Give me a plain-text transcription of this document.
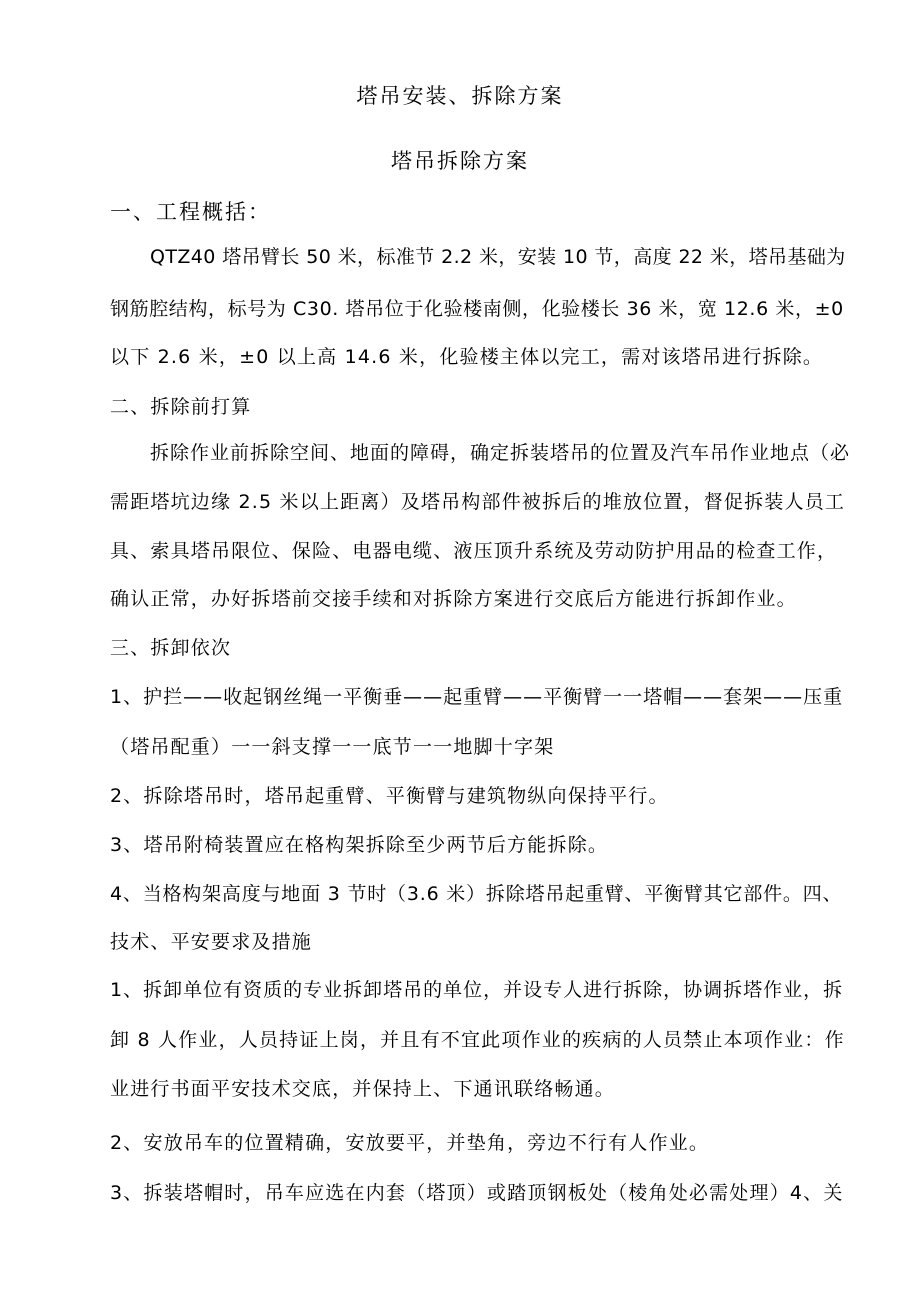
塔吊安装、拆除方案
塔吊拆除方案
一、工程概括：
QTZ40 塔吊臂长 50 米，标准节 2.2 米，安装 10 节，高度 22 米，塔吊基础为
钢筋腔结构，标号为 C30. 塔吊位于化验楼南侧，化验楼长 36 米，宽 12.6 米，±0
以下 2.6 米，±0 以上高 14.6 米，化验楼主体以完工，需对该塔吊进行拆除。
二、拆除前打算
拆除作业前拆除空间、地面的障碍，确定拆装塔吊的位置及汽车吊作业地点（必
需距塔坑边缘 2.5 米以上距离）及塔吊构部件被拆后的堆放位置，督促拆装人员工
具、索具塔吊限位、保险、电器电缆、液压顶升系统及劳动防护用品的检查工作，
确认正常，办好拆塔前交接手续和对拆除方案进行交底后方能进行拆卸作业。
三、拆卸依次
1、护拦——收起钢丝绳一平衡垂——起重臂——平衡臂一一塔帽——套架——压重
（塔吊配重）一一斜支撑一一底节一一地脚十字架
2、拆除塔吊时，塔吊起重臂、平衡臂与建筑物纵向保持平行。
3、塔吊附椅装置应在格构架拆除至少两节后方能拆除。
4、当格构架高度与地面 3 节时（3.6 米）拆除塔吊起重臂、平衡臂其它部件。四、
技术、平安要求及措施
1、拆卸单位有资质的专业拆卸塔吊的单位，并设专人进行拆除，协调拆塔作业，拆
卸 8 人作业，人员持证上岗，并且有不宜此项作业的疾病的人员禁止本项作业：作
业进行书面平安技术交底，并保持上、下通讯联络畅通。
2、安放吊车的位置精确，安放要平，并垫角，旁边不行有人作业。
3、拆装塔帽时，吊车应选在内套（塔顶）或踏顶钢板处（棱角处必需处理）4、关
